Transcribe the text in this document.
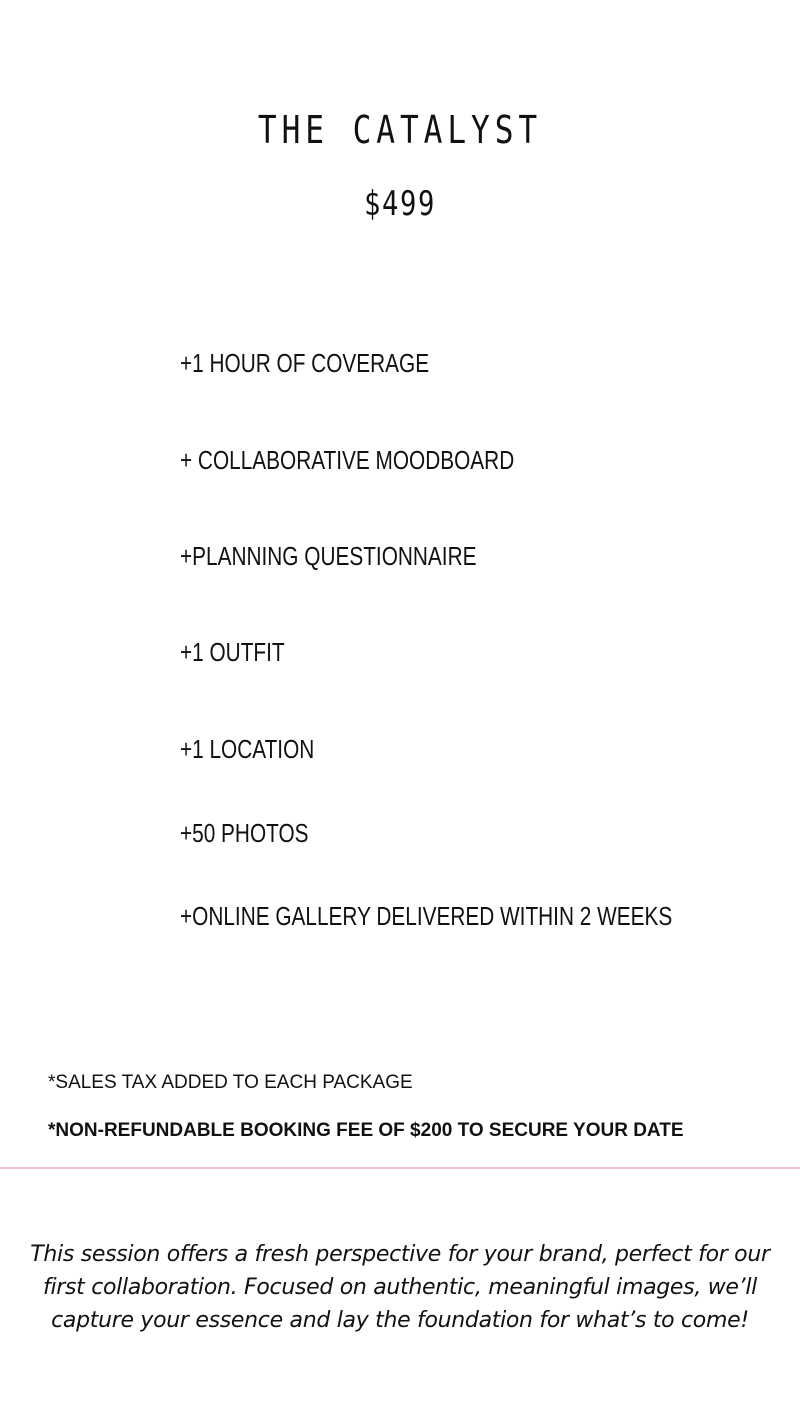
THE CATALYST
$499
+1 HOUR OF COVERAGE
+ COLLABORATIVE MOODBOARD
+PLANNING QUESTIONNAIRE
+1 OUTFIT
+1 LOCATION
+50 PHOTOS
+ONLINE GALLERY DELIVERED WITHIN 2 WEEKS

*SALES TAX ADDED TO EACH PACKAGE

*NON-REFUNDABLE BOOKING FEE OF $200 TO SECURE YOUR DATE

This session offers a fresh perspective for your brand, perfect for our first collaboration. Focused on authentic, meaningful images, we’ll capture your essence and lay the foundation for what’s to come!
